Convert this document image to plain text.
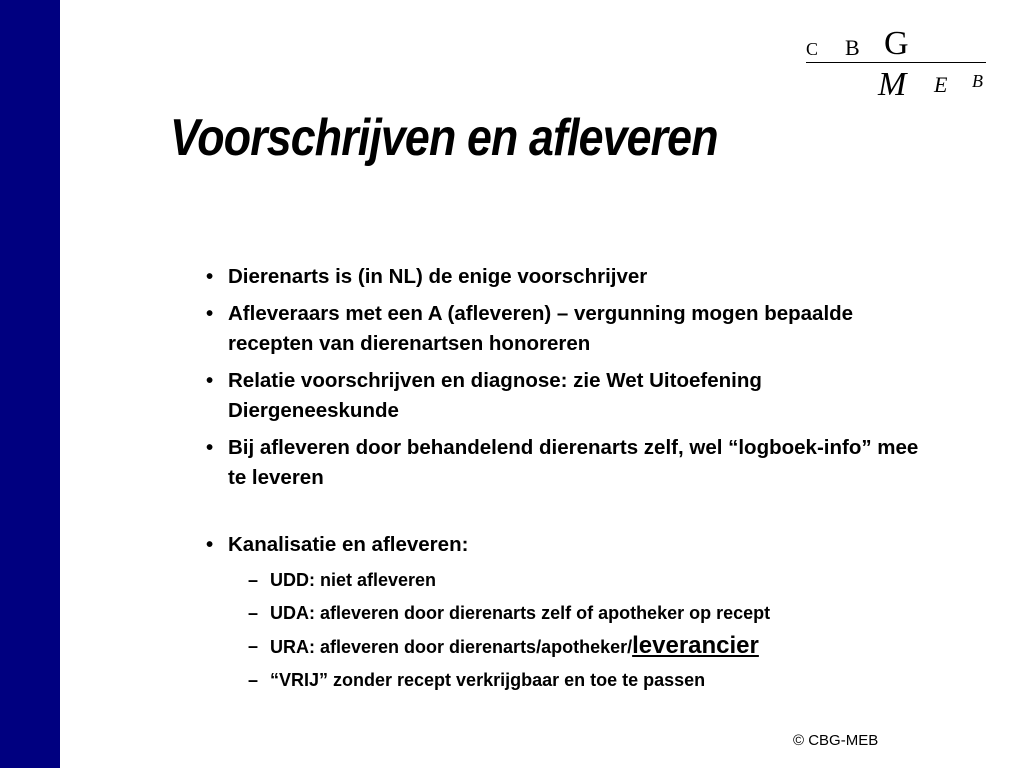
C B G
M E B
Voorschrijven en afleveren
• Dierenarts is (in NL) de enige voorschrijver
• Afleveraars met een A (afleveren) – vergunning mogen bepaalde recepten van dierenartsen honoreren
• Relatie voorschrijven en diagnose: zie Wet Uitoefening Diergeneeskunde
• Bij afleveren door behandelend dierenarts zelf, wel “logboek-info” mee te leveren
• Kanalisatie en afleveren:
– UDD: niet afleveren
– UDA: afleveren door dierenarts zelf of apotheker op recept
– URA: afleveren door dierenarts/apotheker/leverancier
– “VRIJ” zonder recept verkrijgbaar en toe te passen
© CBG-MEB
